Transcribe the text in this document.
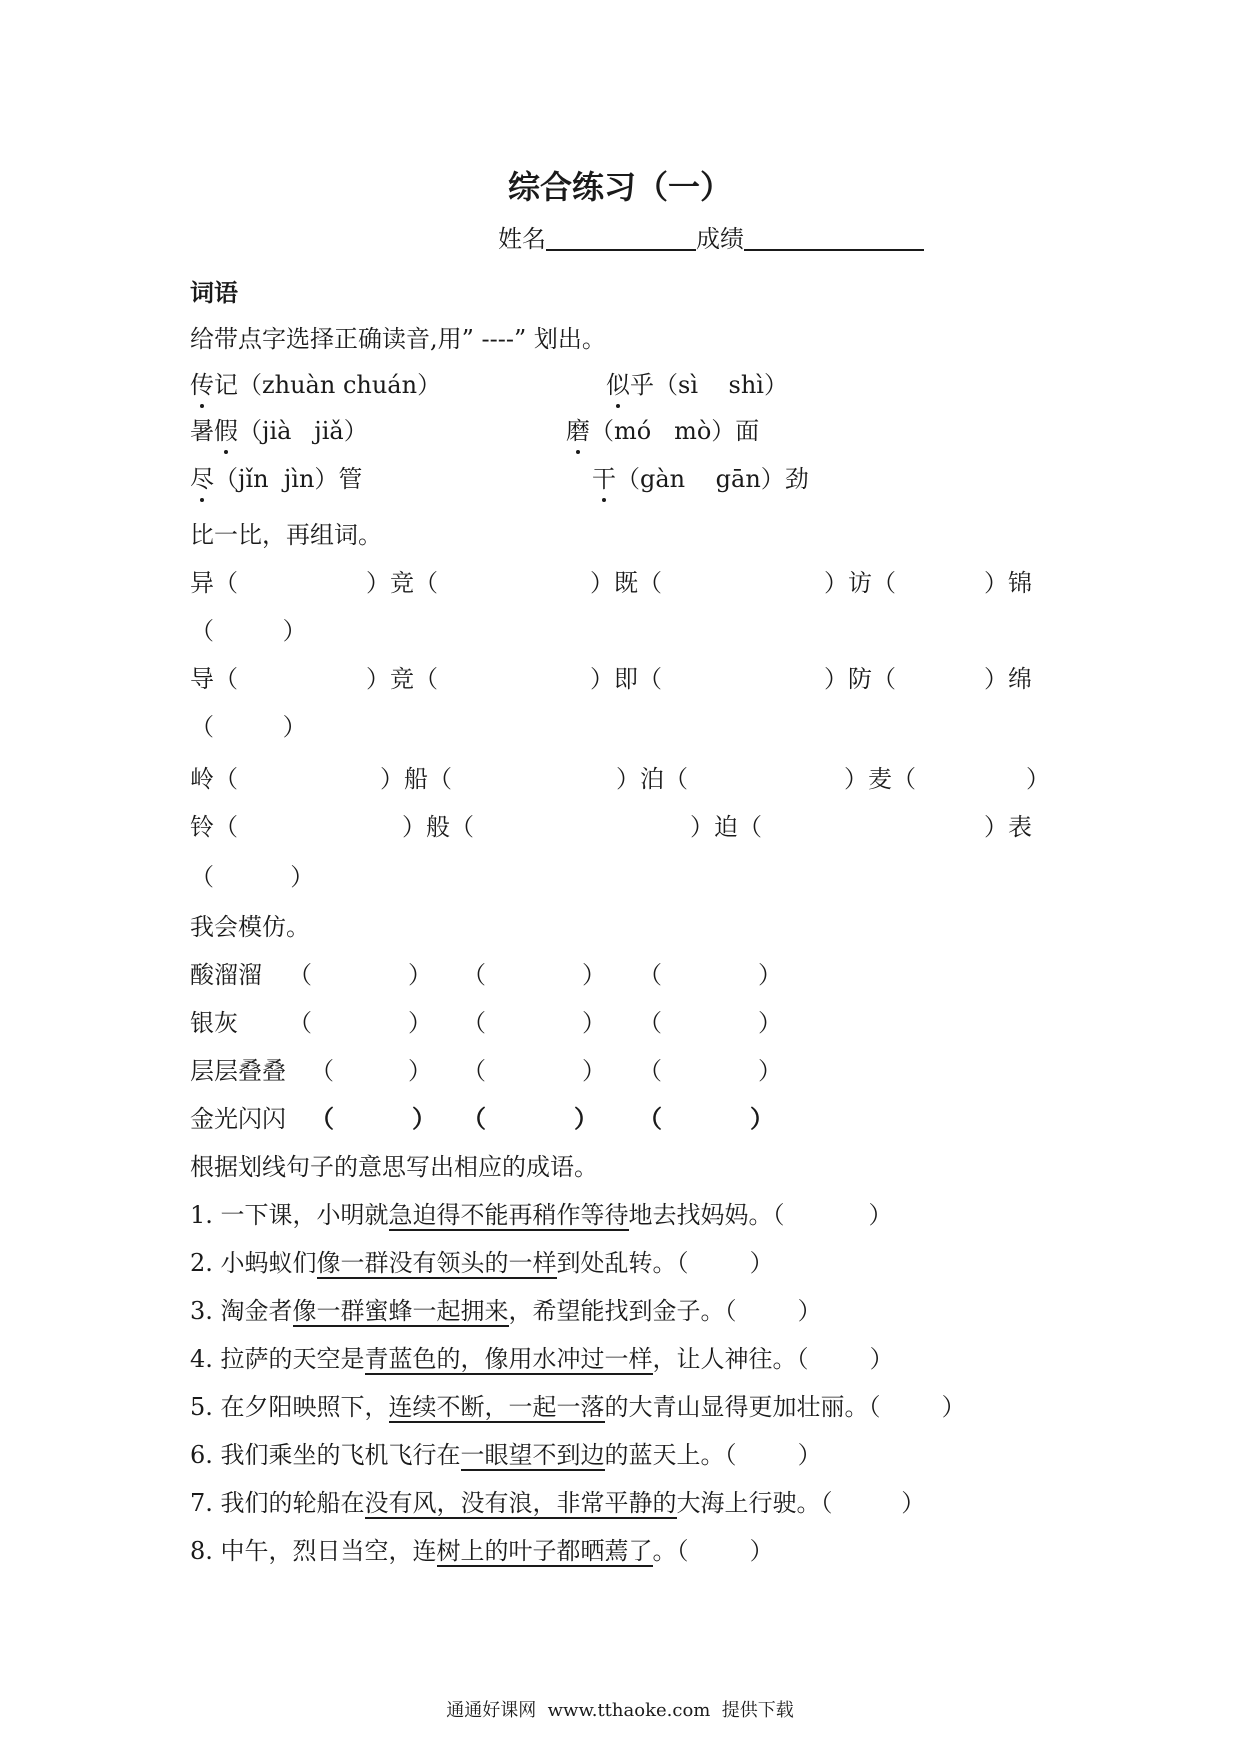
综合练习（一）
姓名	成绩
词语
给带点字选择正确读音,用” ----” 划出。
传记（zhuàn chuán）	似乎（sì    shì）
暑假（jià   jiǎ）	磨（mó   mò）面
尽（jǐn  jìn）管	干（gàn    gān）劲
比一比，再组词。
异（	）竞（	）既（	）访（	）锦
（         ）
导（	）竞（	）即（	）防（	）绵
（         ）
岭（	）船（	）泊（	）麦（	）
铃（	）般（	）迫（	）表
（          ）
我会模仿。
酸溜溜 （	） （	） （	）
银灰 （	） （	） （	）
层层叠叠 （	） （	） （	）
金光闪闪 （	） （	） （	）
根据划线句子的意思写出相应的成语。
1. 一下课，小明就急迫得不能再稍作等待地去找妈妈。（           ）
2. 小蚂蚁们像一群没有领头的一样到处乱转。（        ）
3. 淘金者像一群蜜蜂一起拥来，希望能找到金子。（        ）
4. 拉萨的天空是青蓝色的，像用水冲过一样，让人神往。（        ）
5. 在夕阳映照下，连续不断，一起一落的大青山显得更加壮丽。（        ）
6. 我们乘坐的飞机飞行在一眼望不到边的蓝天上。（        ）
7. 我们的轮船在没有风，没有浪，非常平静的大海上行驶。（         ）
8. 中午，烈日当空，连树上的叶子都晒蔫了。（        ）
通通好课网  www.tthaoke.com  提供下载
